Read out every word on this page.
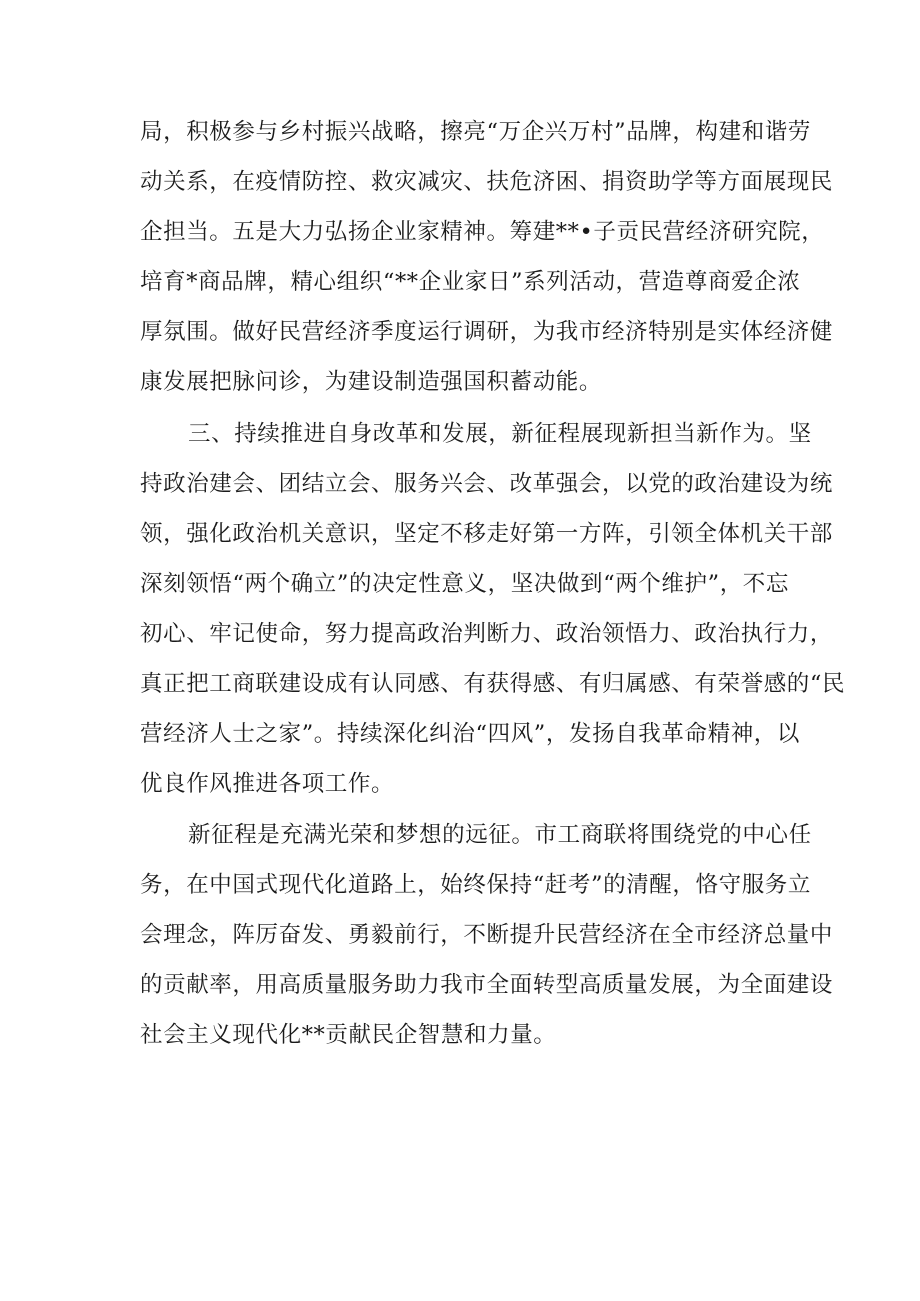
局，积极参与乡村振兴战略，擦亮“万企兴万村”品牌，构建和谐劳
动关系，在疫情防控、救灾减灾、扶危济困、捐资助学等方面展现民
企担当。五是大力弘扬企业家精神。筹建**•子贡民营经济研究院，
培育*商品牌，精心组织“**企业家日”系列活动，营造尊商爱企浓
厚氛围。做好民营经济季度运行调研，为我市经济特别是实体经济健
康发展把脉问诊，为建设制造强国积蓄动能。
三、持续推进自身改革和发展，新征程展现新担当新作为。坚
持政治建会、团结立会、服务兴会、改革强会，以党的政治建设为统
领，强化政治机关意识，坚定不移走好第一方阵，引领全体机关干部
深刻领悟“两个确立”的决定性意义，坚决做到“两个维护”，不忘
初心、牢记使命，努力提高政治判断力、政治领悟力、政治执行力，
真正把工商联建设成有认同感、有获得感、有归属感、有荣誉感的“民
营经济人士之家”。持续深化纠治“四风”，发扬自我革命精神，以
优良作风推进各项工作。
新征程是充满光荣和梦想的远征。市工商联将围绕党的中心任
务，在中国式现代化道路上，始终保持“赶考”的清醒，恪守服务立
会理念，阵厉奋发、勇毅前行，不断提升民营经济在全市经济总量中
的贡献率，用高质量服务助力我市全面转型高质量发展，为全面建设
社会主义现代化**贡献民企智慧和力量。
